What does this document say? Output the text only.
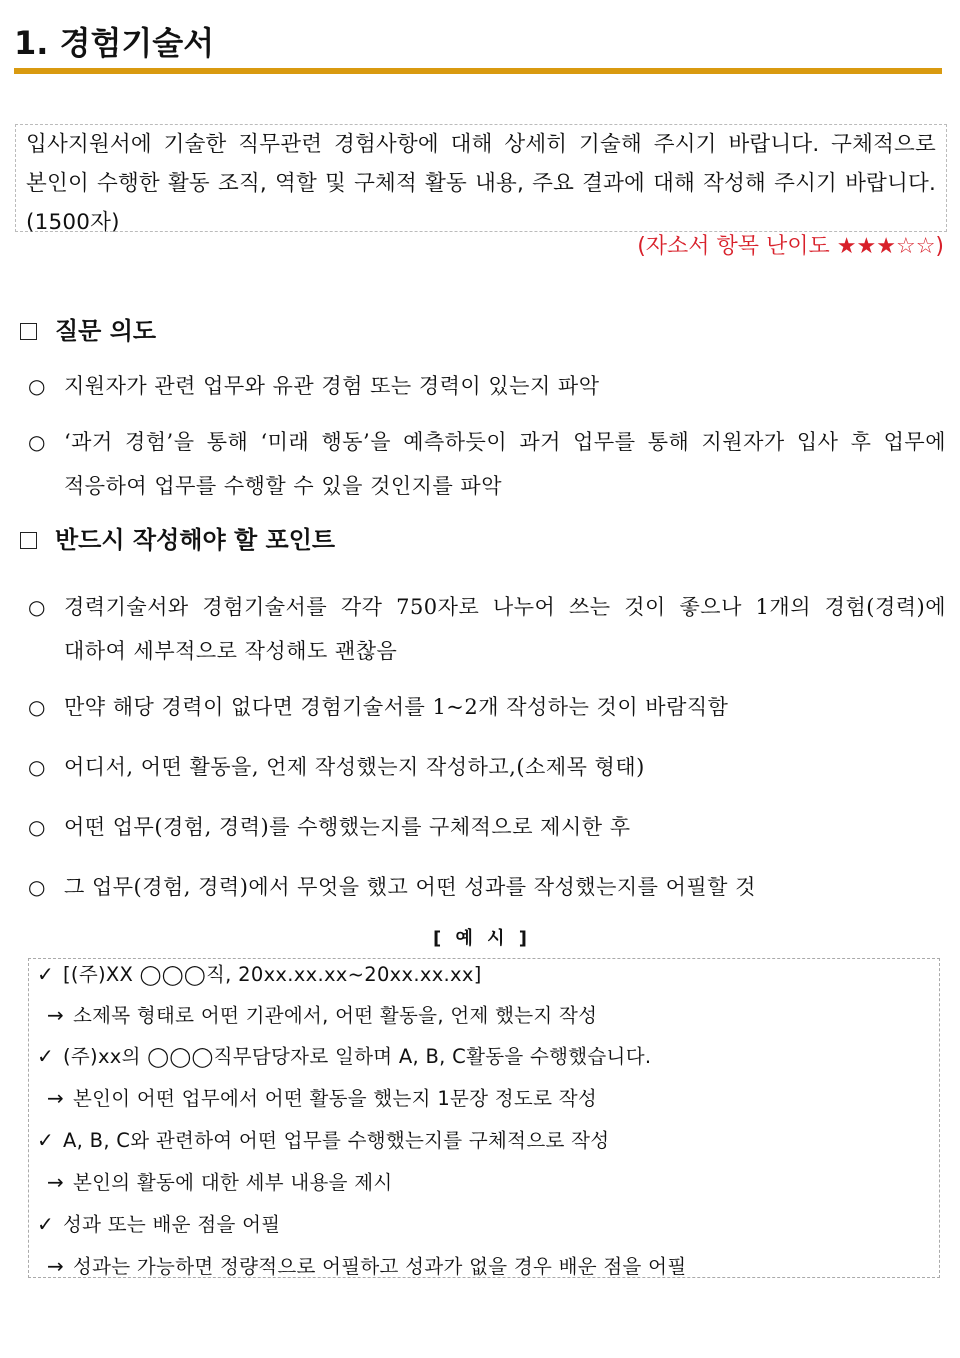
1. 경험기술서
입사지원서에 기술한 직무관련 경험사항에 대해 상세히 기술해 주시기 바랍니다. 구체적으로 본인이 수행한 활동 조직, 역할 및 구체적 활동 내용, 주요 결과에 대해 작성해 주시기 바랍니다.(1500자)

(자소서 항목 난이도 ★★★☆☆)

질문 의도

○ 지원자가 관련 업무와 유관 경험 또는 경력이 있는지 파악

○ ‘과거 경험’을 통해 ‘미래 행동’을 예측하듯이 과거 업무를 통해 지원자가 입사 후 업무에 적응하여 업무를 수행할 수 있을 것인지를 파악

반드시 작성해야 할 포인트

○ 경력기술서와 경험기술서를 각각 750자로 나누어 쓰는 것이 좋으나 1개의 경험(경력)에 대하여 세부적으로 작성해도 괜찮음

○ 만약 해당 경력이 없다면 경험기술서를 1~2개 작성하는 것이 바람직함

○ 어디서, 어떤 활동을, 언제 작성했는지 작성하고,(소제목 형태)

○ 어떤 업무(경험, 경력)를 수행했는지를 구체적으로 제시한 후

○ 그 업무(경험, 경력)에서 무엇을 했고 어떤 성과를 작성했는지를 어필할 것

[ 예 시 ]

✓ [(주)XX ◯◯◯직, 20xx.xx.xx~20xx.xx.xx]

→ 소제목 형태로 어떤 기관에서, 어떤 활동을, 언제 했는지 작성

✓ (주)xx의 ◯◯◯직무담당자로 일하며 A, B, C활동을 수행했습니다.

→ 본인이 어떤 업무에서 어떤 활동을 했는지 1문장 정도로 작성

✓ A, B, C와 관련하여 어떤 업무를 수행했는지를 구체적으로 작성

→ 본인의 활동에 대한 세부 내용을 제시

✓ 성과 또는 배운 점을 어필

→ 성과는 가능하면 정량적으로 어필하고 성과가 없을 경우 배운 점을 어필
